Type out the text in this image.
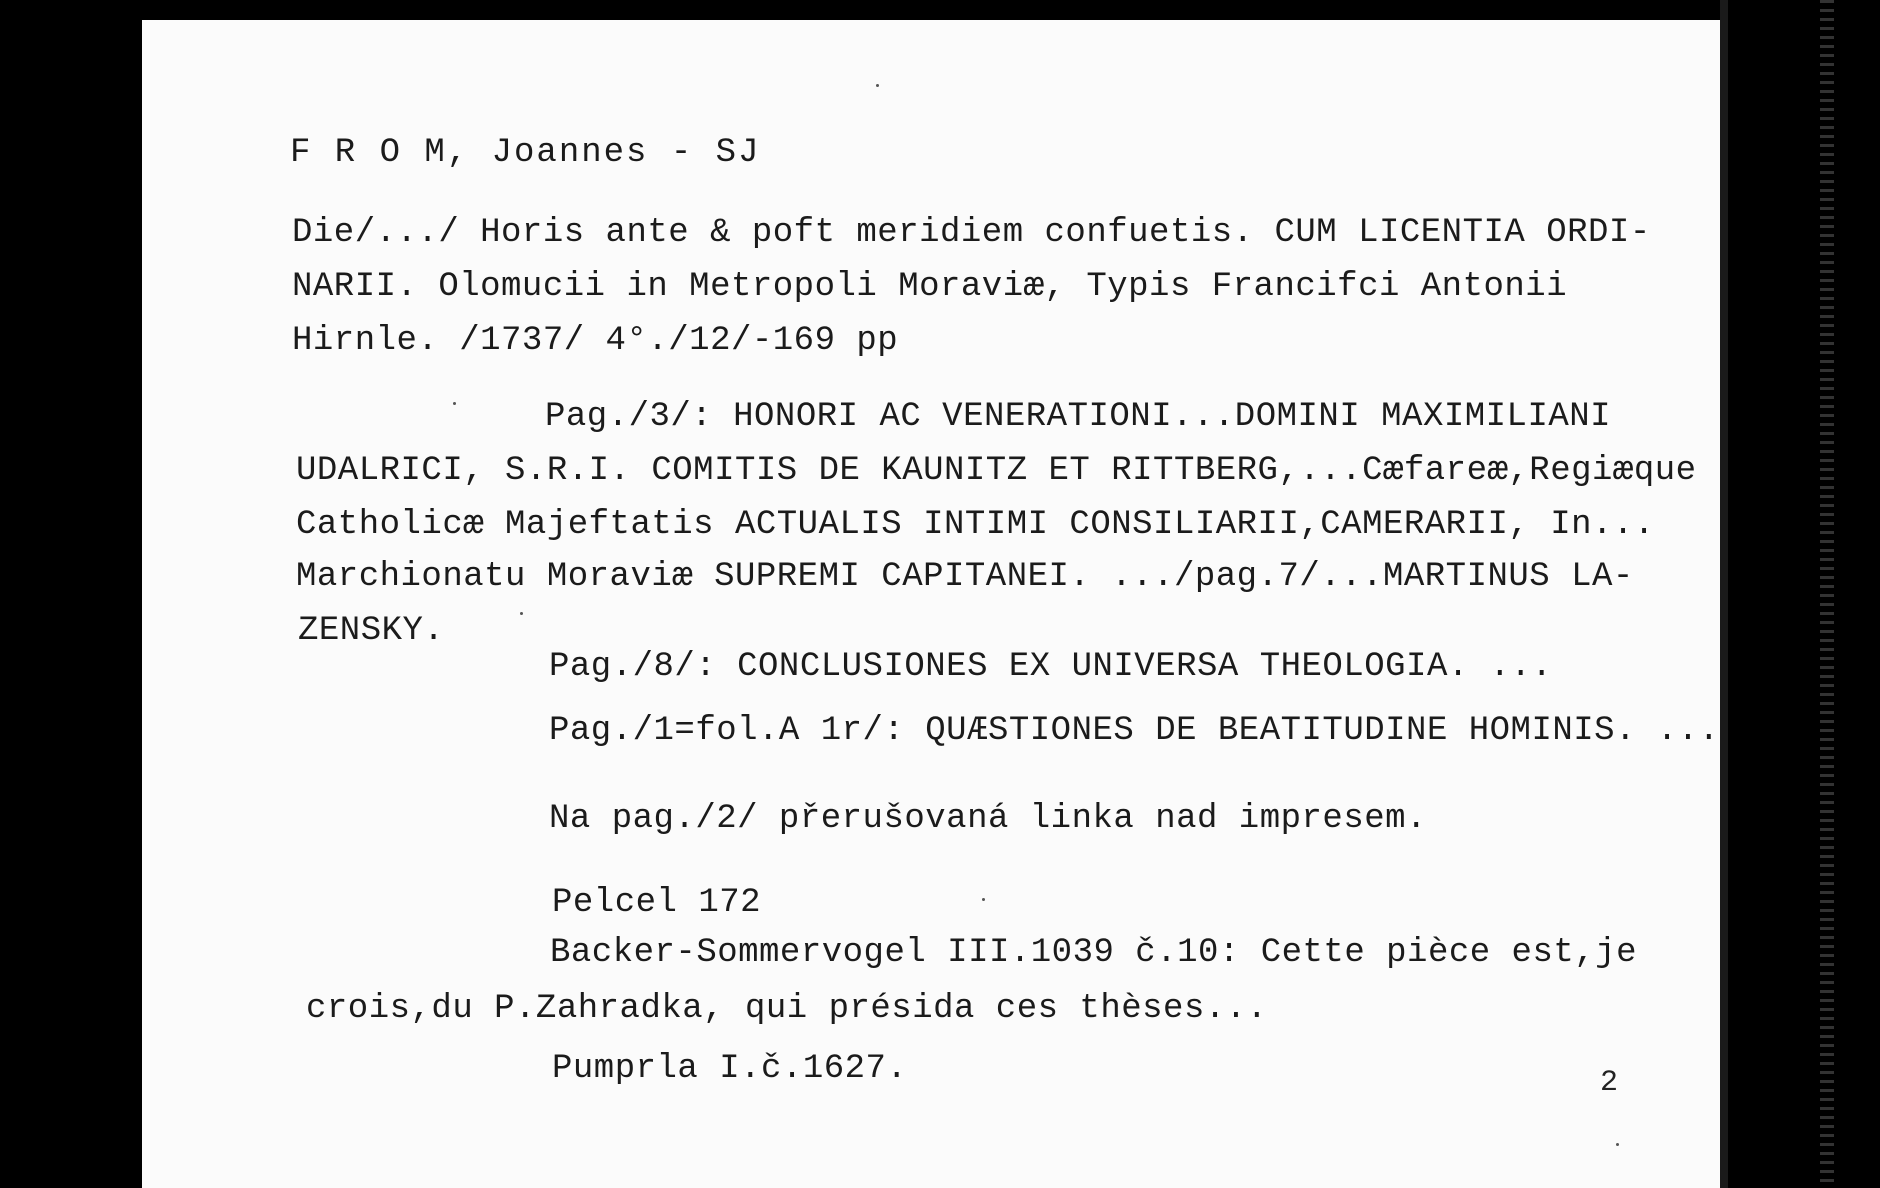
F R O M, Joannes - SJ
Die/.../ Horis ante & poft meridiem confuetis. CUM LICENTIA ORDI-
NARII. Olomucii in Metropoli Moraviæ, Typis Francifci Antonii
Hirnle. /1737/ 4°./12/-169 pp
Pag./3/: HONORI AC VENERATIONI...DOMINI MAXIMILIANI
UDALRICI, S.R.I. COMITIS DE KAUNITZ ET RITTBERG,...Cæfareæ,Regiæque
Catholicæ Majeftatis ACTUALIS INTIMI CONSILIARII,CAMERARII, In...
Marchionatu Moraviæ SUPREMI CAPITANEI. .../pag.7/...MARTINUS LA-
ZENSKY.
Pag./8/: CONCLUSIONES EX UNIVERSA THEOLOGIA. ...
Pag./1=fol.A 1r/: QUÆSTIONES DE BEATITUDINE HOMINIS. ...
Na pag./2/ přerušovaná linka nad impresem.
Pelcel 172
Backer-Sommervogel III.1039 č.10: Cette pièce est,je
crois,du P.Zahradka, qui présida ces thèses...
Pumprla I.č.1627.	2
